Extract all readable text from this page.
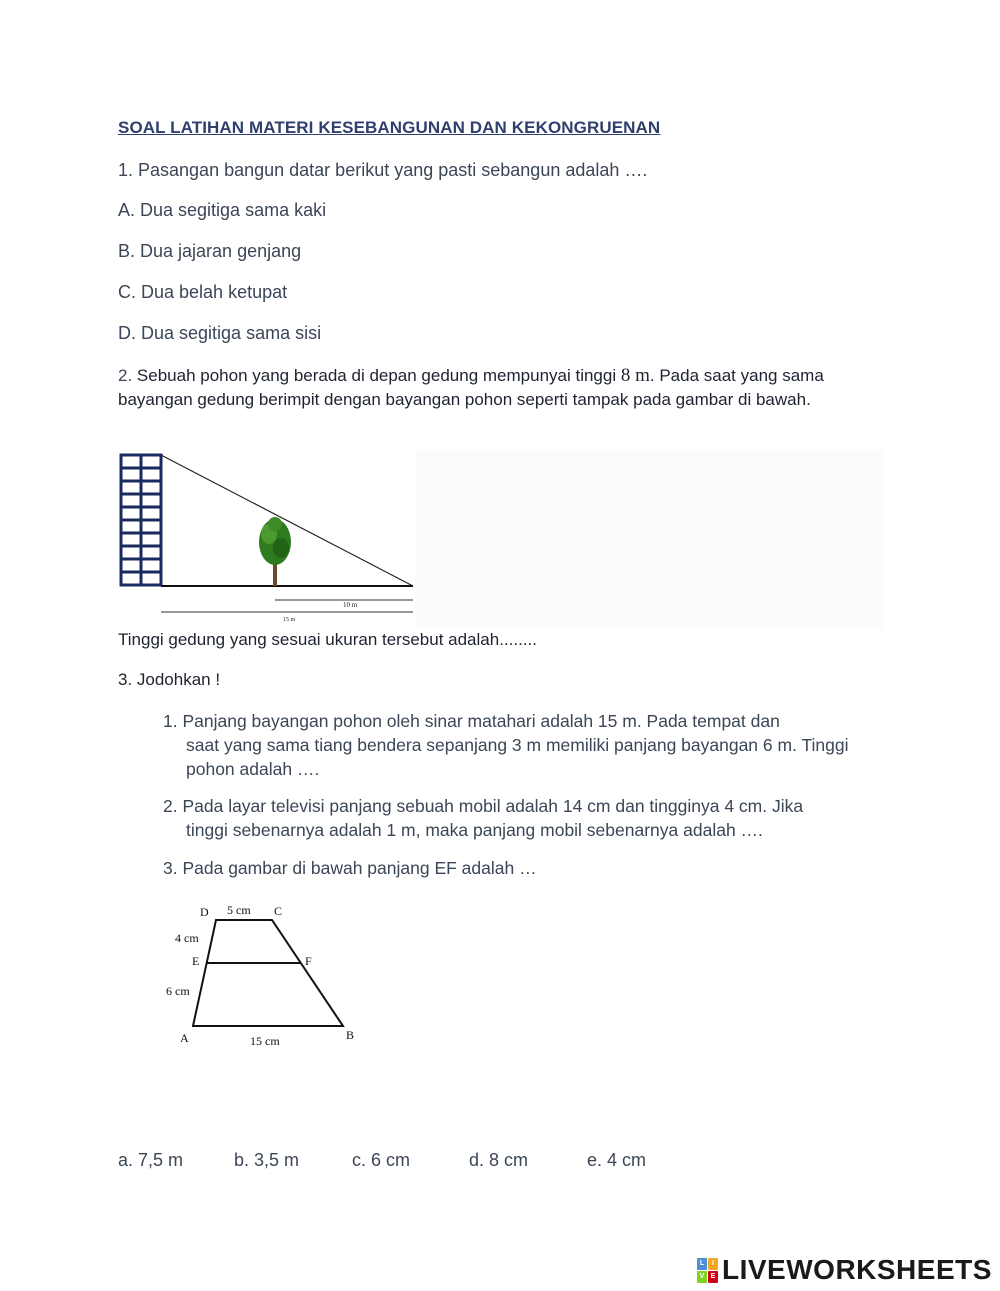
SOAL LATIHAN MATERI KESEBANGUNAN DAN KEKONGRUENAN
1. Pasangan bangun datar berikut yang pasti sebangun adalah ….
A. Dua segitiga sama kaki
B. Dua jajaran genjang
C. Dua belah ketupat
D. Dua segitiga sama sisi
2. Sebuah pohon yang berada di depan gedung mempunyai tinggi 8 m. Pada saat yang sama bayangan gedung berimpit dengan bayangan pohon seperti tampak pada gambar di bawah.
10 m
15 m
Tinggi gedung yang sesuai ukuran tersebut adalah........
3. Jodohkan !
1. Panjang bayangan pohon oleh sinar matahari adalah 15 m. Pada tempat dan
saat yang sama tiang bendera sepanjang 3 m memiliki panjang bayangan 6 m. Tinggi pohon adalah ….
2. Pada layar televisi panjang sebuah mobil adalah 14 cm dan tingginya 4 cm. Jika
tinggi sebenarnya adalah 1 m, maka panjang mobil sebenarnya adalah ….
3. Pada gambar di bawah panjang EF adalah …
D	C
E	F
A	B
5 cm
4 cm
6 cm
15 cm
a. 7,5 m	b. 3,5 m	c. 6 cm	d. 8 cm	e. 4 cm
L	I
V E LIVEWORKSHEETS
